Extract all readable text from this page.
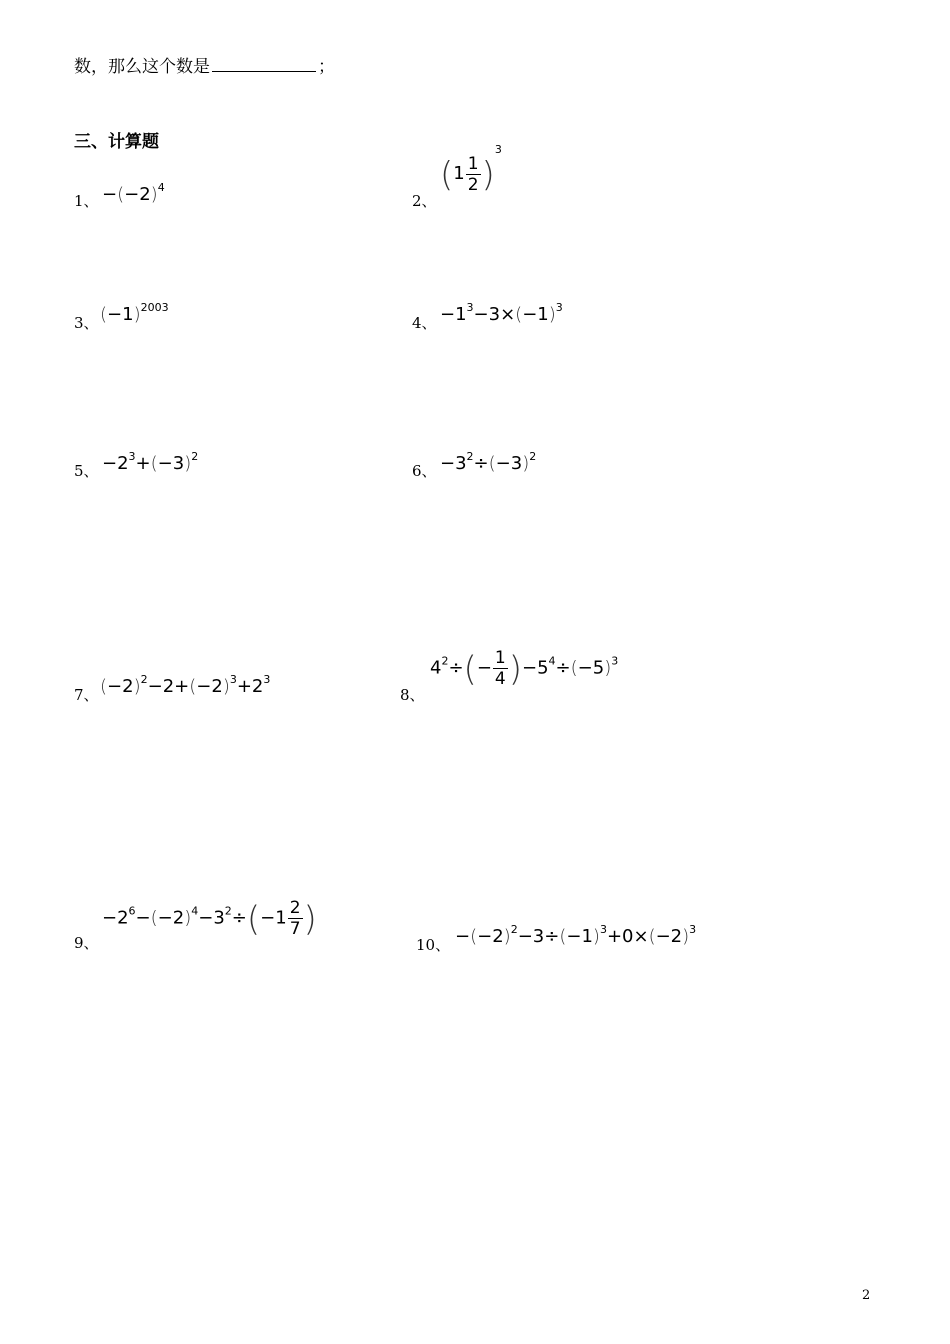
数，那么这个数是	；
三、计算题
1、 $-(-2)^4$
2、
$(1 \frac{1}{2} )^3$
3、 $(-1)^{2003}$
4、 $-1^3-3\times(-1)^3$
5、 $-2^3+(-3)^2$
6、 $-3^2\div(-3)^2$
7、 $(-2)^2-2+(-2)^3+2^3$
8、
$4^2\div(- \frac{1}{4} )-5^4\div(-5)^3$
9、
$-2^6-(-2)^4-3^2\div(-1 \frac{2}{7}$ )
10、 $-(-2)^2-3\div(-1)^3+0\times(-2)^3$
2
